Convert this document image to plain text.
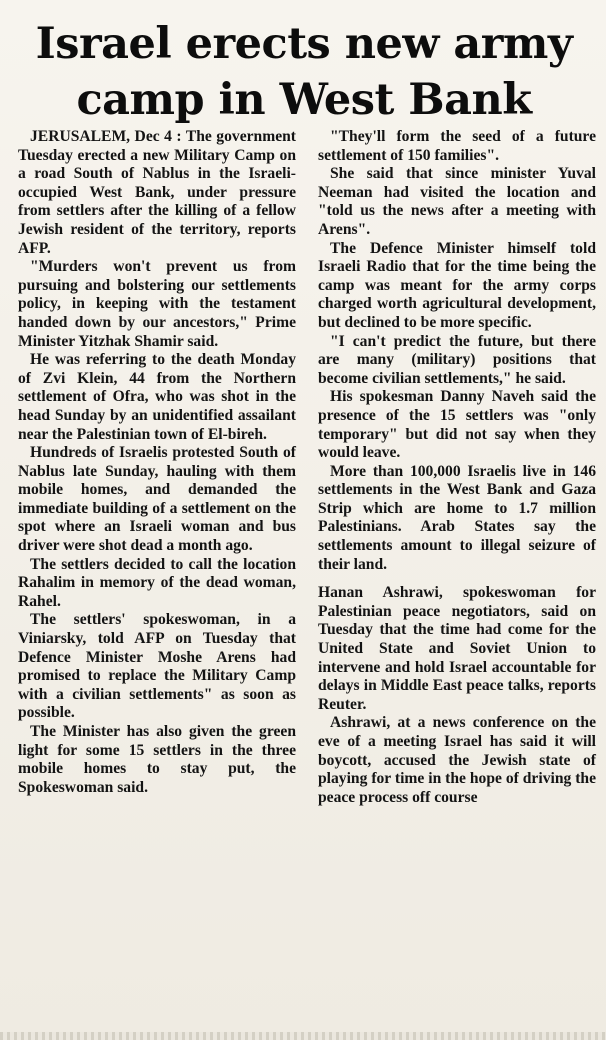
Israel erects new army
camp in West Bank

JERUSALEM, Dec 4 : The government Tuesday erected a new Military Camp on a road South of Nablus in the Israeli-occupied West Bank, under pressure from settlers after the killing of a fellow Jewish resident of the territory, reports AFP.

"Murders won't prevent us from pursuing and bolstering our settlements policy, in keeping with the testament handed down by our ancestors," Prime Minister Yitzhak Shamir said.

He was referring to the death Monday of Zvi Klein, 44 from the Northern settlement of Ofra, who was shot in the head Sunday by an unidentified assailant near the Palestinian town of El-bireh.

Hundreds of Israelis protested South of Nablus late Sunday, hauling with them mobile homes, and demanded the immediate building of a settlement on the spot where an Israeli woman and bus driver were shot dead a month ago.

The settlers decided to call the location Rahalim in memory of the dead woman, Rahel.

The settlers' spokeswoman, in a Viniarsky, told AFP on Tuesday that Defence Minister Moshe Arens had promised to replace the Military Camp with a civilian settlements" as soon as possible.

The Minister has also given the green light for some 15 settlers in the three mobile homes to stay put, the Spokeswoman said.

"They'll form the seed of a future settlement of 150 families".

She said that since minister Yuval Neeman had visited the location and "told us the news after a meeting with Arens".

The Defence Minister himself told Israeli Radio that for the time being the camp was meant for the army corps charged worth agricultural development, but declined to be more specific.

"I can't predict the future, but there are many (military) positions that become civilian settlements," he said.

His spokesman Danny Naveh said the presence of the 15 settlers was "only temporary" but did not say when they would leave.

More than 100,000 Israelis live in 146 settlements in the West Bank and Gaza Strip which are home to 1.7 million Palestinians. Arab States say the settlements amount to illegal seizure of their land.

Hanan Ashrawi, spokeswoman for Palestinian peace negotiators, said on Tuesday that the time had come for the United State and Soviet Union to intervene and hold Israel accountable for delays in Middle East peace talks, reports Reuter.

Ashrawi, at a news conference on the eve of a meeting Israel has said it will boycott, accused the Jewish state of playing for time in the hope of driving the peace process off course
